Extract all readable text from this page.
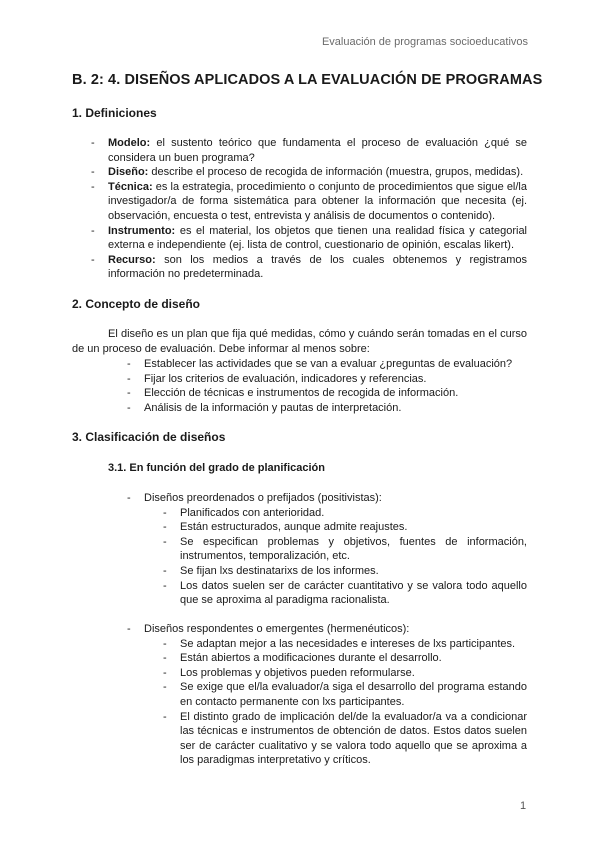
Evaluación de programas socioeducativos
B. 2: 4. DISEÑOS APLICADOS A LA EVALUACIÓN DE PROGRAMAS
1. Definiciones
- Modelo: el sustento teórico que fundamenta el proceso de evaluación ¿qué se considera un buen programa?
- Diseño: describe el proceso de recogida de información (muestra, grupos, medidas).
- Técnica: es la estrategia, procedimiento o conjunto de procedimientos que sigue el/la investigador/a de forma sistemática para obtener la información que necesita (ej. observación, encuesta o test, entrevista y análisis de documentos o contenido).
- Instrumento: es el material, los objetos que tienen una realidad física y categorial externa e independiente (ej. lista de control, cuestionario de opinión, escalas likert).
- Recurso: son los medios a través de los cuales obtenemos y registramos información no predeterminada.
2. Concepto de diseño
El diseño es un plan que fija qué medidas, cómo y cuándo serán tomadas en el curso de un proceso de evaluación. Debe informar al menos sobre:
- Establecer las actividades que se van a evaluar ¿preguntas de evaluación?
- Fijar los criterios de evaluación, indicadores y referencias.
- Elección de técnicas e instrumentos de recogida de información.
- Análisis de la información y pautas de interpretación.
3. Clasificación de diseños
3.1. En función del grado de planificación
- Diseños preordenados o prefijados (positivistas):
- Planificados con anterioridad.
- Están estructurados, aunque admite reajustes.
- Se especifican problemas y objetivos, fuentes de información, instrumentos, temporalización, etc.
- Se fijan lxs destinatarixs de los informes.
- Los datos suelen ser de carácter cuantitativo y se valora todo aquello que se aproxima al paradigma racionalista.
- Diseños respondentes o emergentes (hermenéuticos):
- Se adaptan mejor a las necesidades e intereses de lxs participantes.
- Están abiertos a modificaciones durante el desarrollo.
- Los problemas y objetivos pueden reformularse.
- Se exige que el/la evaluador/a siga el desarrollo del programa estando en contacto permanente con lxs participantes.
- El distinto grado de implicación del/de la evaluador/a va a condicionar las técnicas e instrumentos de obtención de datos. Estos datos suelen ser de carácter cualitativo y se valora todo aquello que se aproxima a los paradigmas interpretativo y críticos.
1
